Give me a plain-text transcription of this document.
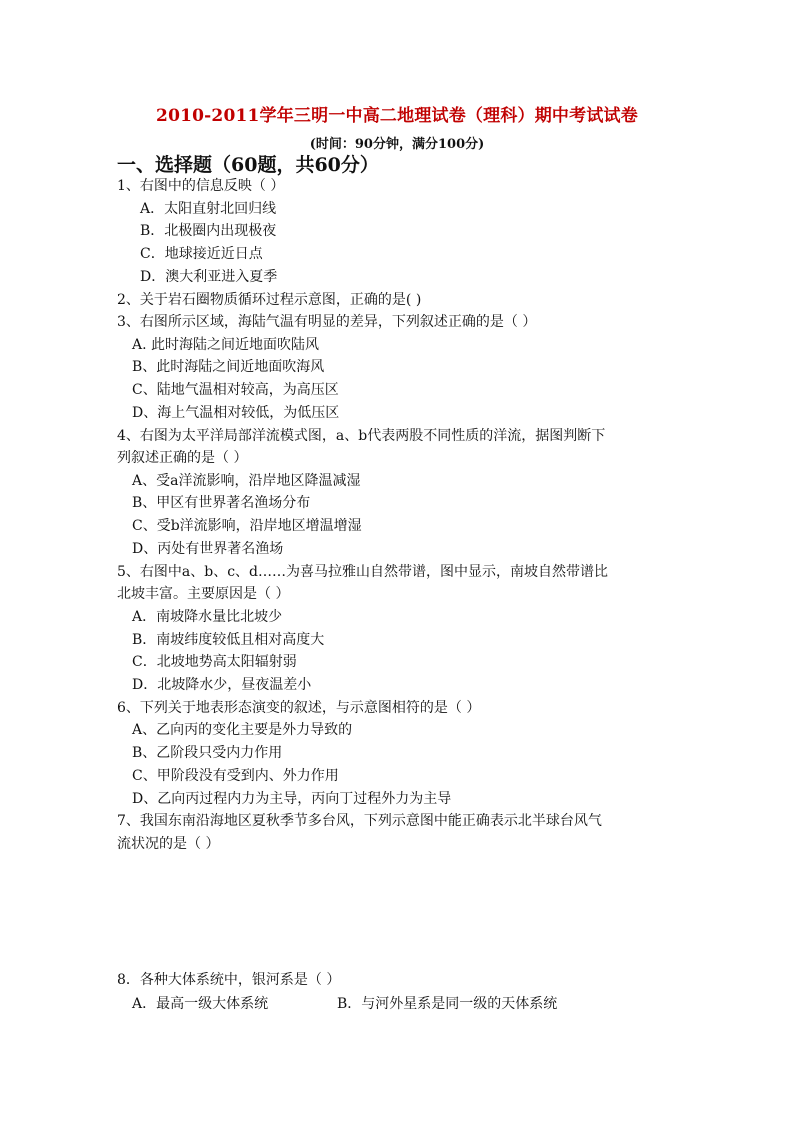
2010-2011学年三明一中高二地理试卷（理科）期中考试试卷
(时间：90分钟，满分100分)
一、选择题（60题，共60分）
1、右图中的信息反映（ ）
A．太阳直射北回归线
B．北极圈内出现极夜
C．地球接近近日点
D．澳大利亚进入夏季
2、关于岩石圈物质循环过程示意图，正确的是( )
3、右图所示区域，海陆气温有明显的差异，下列叙述正确的是（ ）
A. 此时海陆之间近地面吹陆风
B、此时海陆之间近地面吹海风
C、陆地气温相对较高，为高压区
D、海上气温相对较低，为低压区
4、右图为太平洋局部洋流模式图，a、b代表两股不同性质的洋流，据图判断下
列叙述正确的是（ ）
A、受a洋流影响，沿岸地区降温减湿
B、甲区有世界著名渔场分布
C、受b洋流影响，沿岸地区增温增湿
D、丙处有世界著名渔场
5、右图中a、b、c、d……为喜马拉雅山自然带谱，图中显示，南坡自然带谱比
北坡丰富。主要原因是（ ）
A．南坡降水量比北坡少
B．南坡纬度较低且相对高度大
C．北坡地势高太阳辐射弱
D．北坡降水少，昼夜温差小
6、下列关于地表形态演变的叙述，与示意图相符的是（ ）
A、乙向丙的变化主要是外力导致的
B、乙阶段只受内力作用
C、甲阶段没有受到内、外力作用
D、乙向丙过程内力为主导，丙向丁过程外力为主导
7、我国东南沿海地区夏秋季节多台风，下列示意图中能正确表示北半球台风气
流状况的是（ ）
8．各种大体系统中，银河系是（ ）
A．最高一级大体系统	B．与河外星系是同一级的天体系统
